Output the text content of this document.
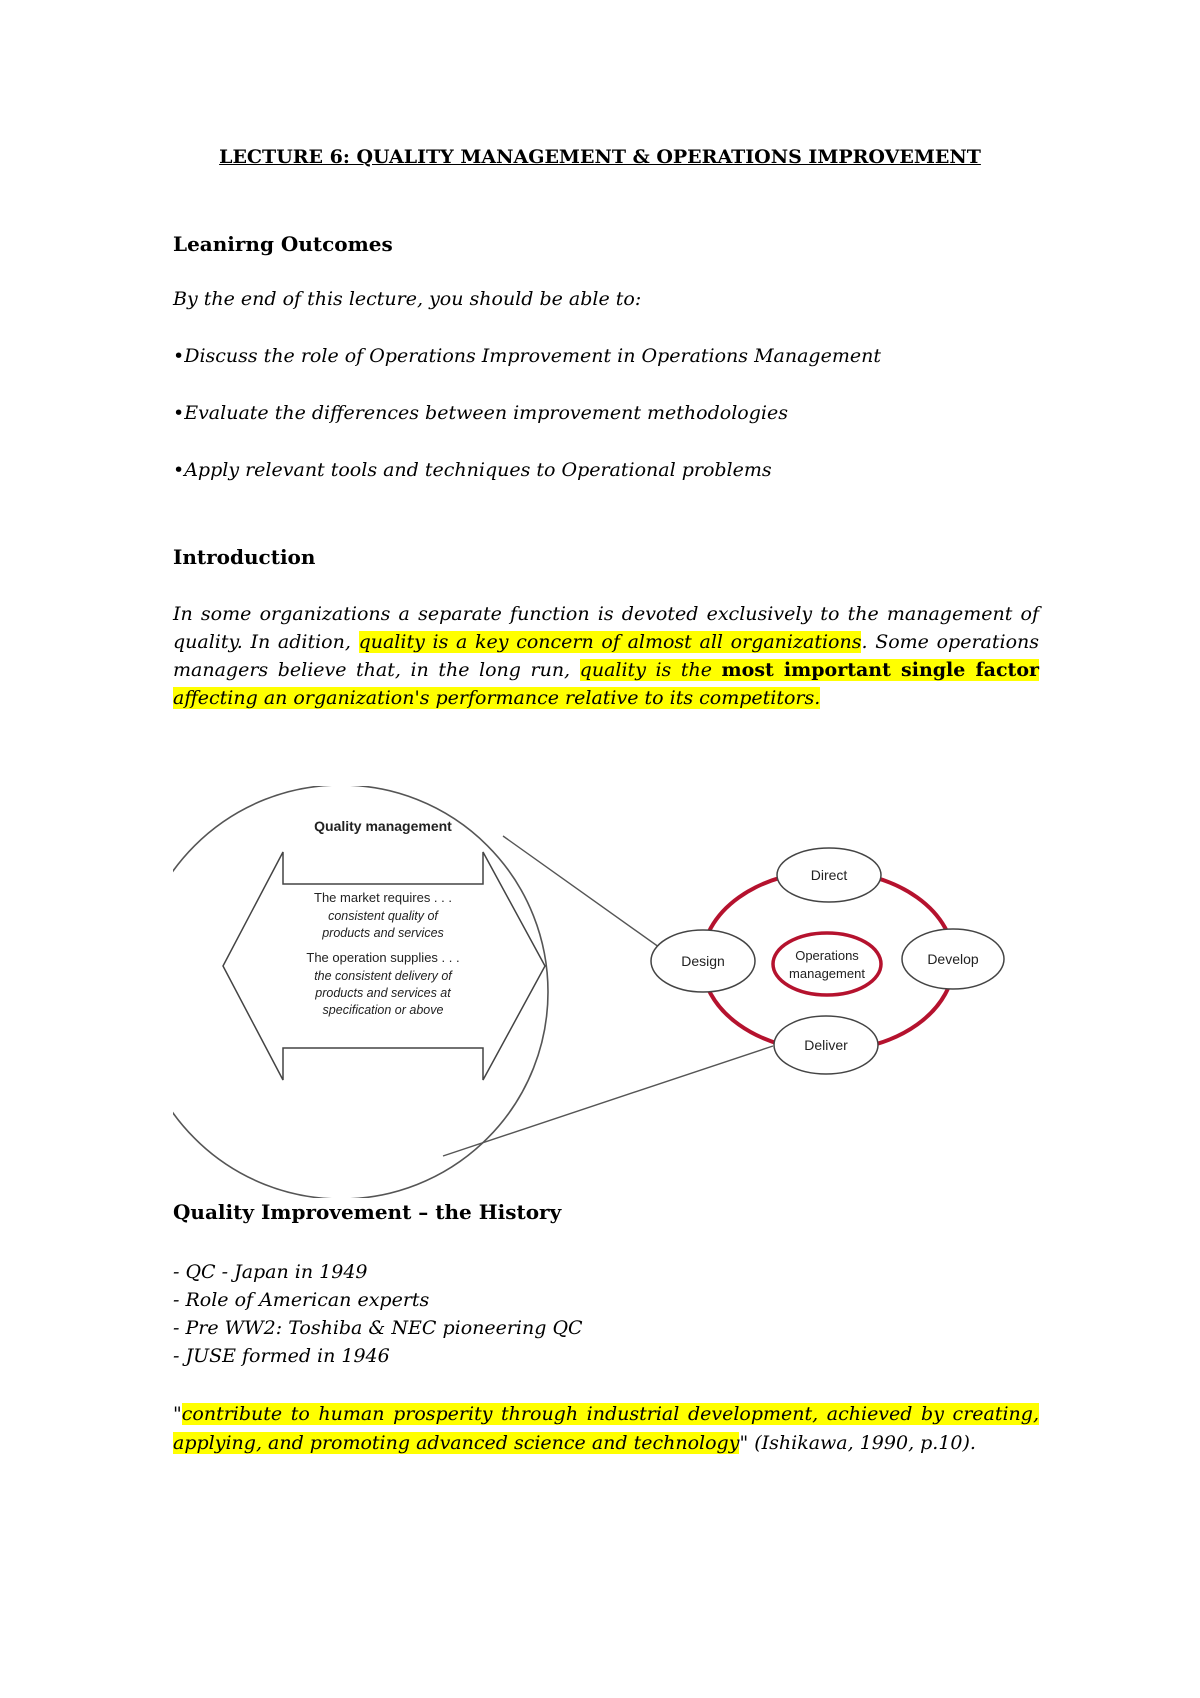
LECTURE 6: QUALITY MANAGEMENT & OPERATIONS IMPROVEMENT

Leanirng Outcomes

By the end of this lecture, you should be able to:

•Discuss the role of Operations Improvement in Operations Management

•Evaluate the differences between improvement methodologies

•Apply relevant tools and techniques to Operational problems

Introduction

In some organizations a separate function is devoted exclusively to the management of quality. In adition, quality is a key concern of almost all organizations. Some operations managers believe that, in the long run, quality is the most important single factor affecting an organization's performance relative to its competitors.

Quality management
The market requires . . .
consistent quality of
products and services
The operation supplies . . .
the consistent delivery of
products and services at
specification or above
Operations
management
Direct
Design	Develop
Deliver

Quality Improvement – the History

- QC - Japan in 1949
- Role of American experts
- Pre WW2: Toshiba & NEC pioneering QC
- JUSE formed in 1946

"contribute to human prosperity through industrial development, achieved by creating, applying, and promoting advanced science and technology" (Ishikawa, 1990, p.10).
